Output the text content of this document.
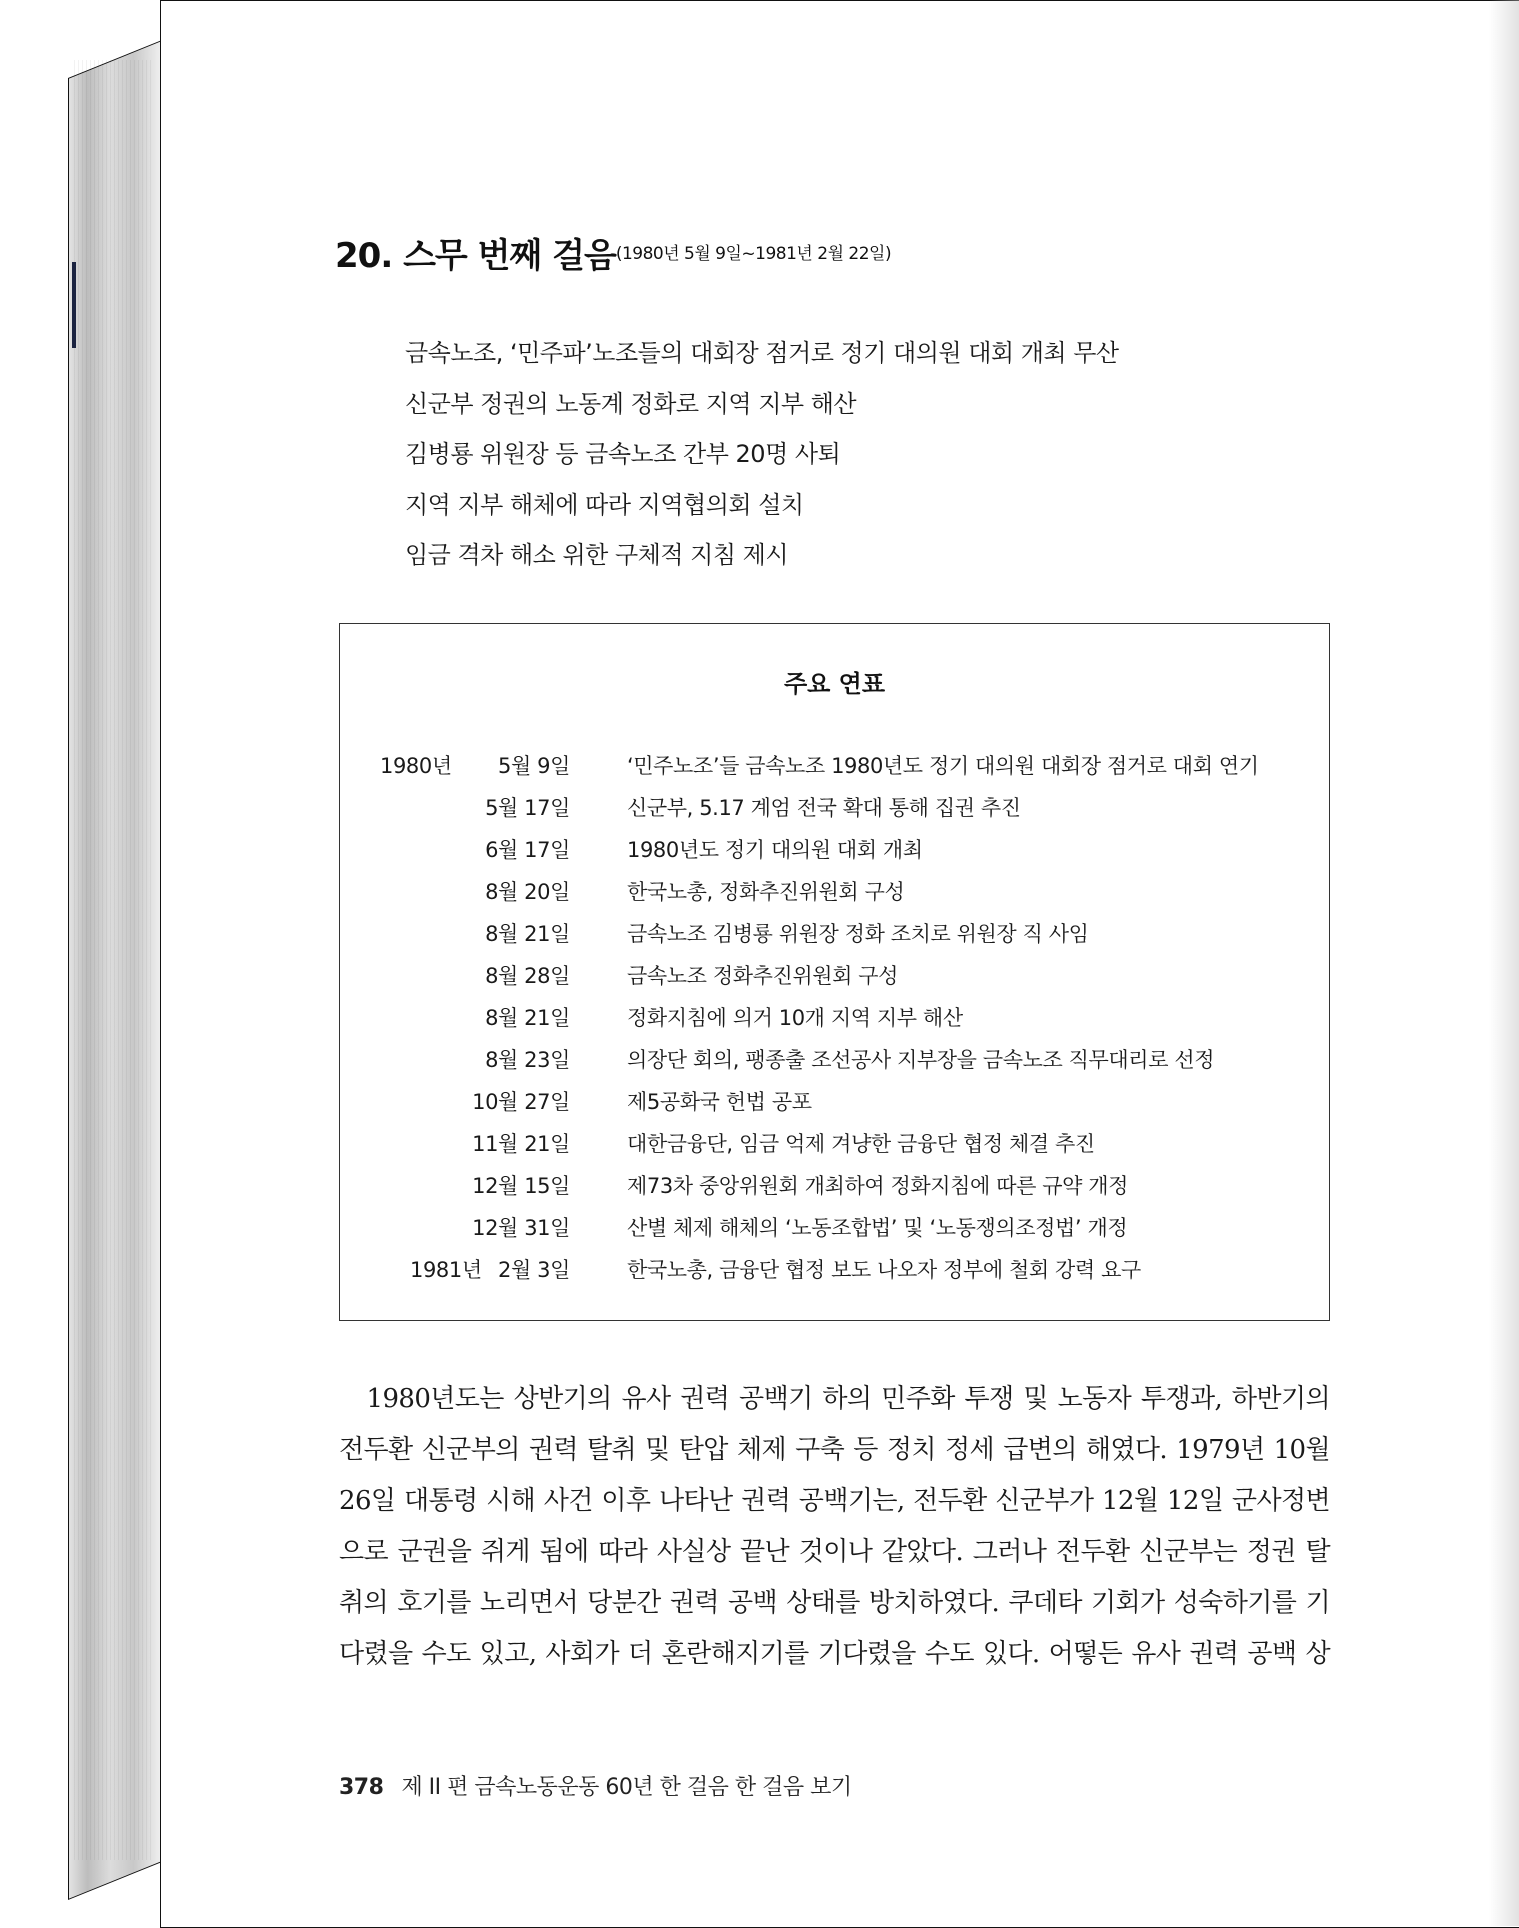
20. 스무 번째 걸음$^{(1980년 5월 9일\sim 1981년 2월 22일)}$
금속노조, ‘민주파’노조들의 대회장 점거로 정기 대의원 대회 개최 무산
신군부 정권의 노동계 정화로 지역 지부 해산
김병룡 위원장 등 금속노조 간부 20명 사퇴
지역 지부 해체에 따라 지역협의회 설치
임금 격차 해소 위한 구체적 지침 제시
주요 연표
1980년	5월 9일	‘민주노조’들 금속노조 1980년도 정기 대의원 대회장 점거로 대회 연기
5월 17일	신군부, 5.17 계엄 전국 확대 통해 집권 추진
6월 17일	1980년도 정기 대의원 대회 개최
8월 20일	한국노총, 정화추진위원회 구성
8월 21일	금속노조 김병룡 위원장 정화 조치로 위원장 직 사임
8월 28일	금속노조 정화추진위원회 구성
8월 21일	정화지침에 의거 10개 지역 지부 해산
8월 23일	의장단 회의, 팽종출 조선공사 지부장을 금속노조 직무대리로 선정
10월 27일	제5공화국 헌법 공포
11월 21일	대한금융단, 임금 억제 겨냥한 금융단 협정 체결 추진
12월 15일	제73차 중앙위원회 개최하여 정화지침에 따른 규약 개정
12월 31일	산별 체제 해체의 ‘노동조합법’ 및 ‘노동쟁의조정법’ 개정
1981년 2월 3일	한국노총, 금융단 협정 보도 나오자 정부에 철회 강력 요구
　1980년도는 상반기의 유사 권력 공백기 하의 민주화 투쟁 및 노동자 투쟁과, 하반기의
전두환 신군부의 권력 탈취 및 탄압 체제 구축 등 정치 정세 급변의 해였다. 1979년 10월
26일 대통령 시해 사건 이후 나타난 권력 공백기는, 전두환 신군부가 12월 12일 군사정변
으로 군권을 쥐게 됨에 따라 사실상 끝난 것이나 같았다. 그러나 전두환 신군부는 정권 탈
취의 호기를 노리면서 당분간 권력 공백 상태를 방치하였다. 쿠데타 기회가 성숙하기를 기
다렸을 수도 있고, 사회가 더 혼란해지기를 기다렸을 수도 있다. 어떻든 유사 권력 공백 상
378 제 II 편 금속노동운동 60년 한 걸음 한 걸음 보기
